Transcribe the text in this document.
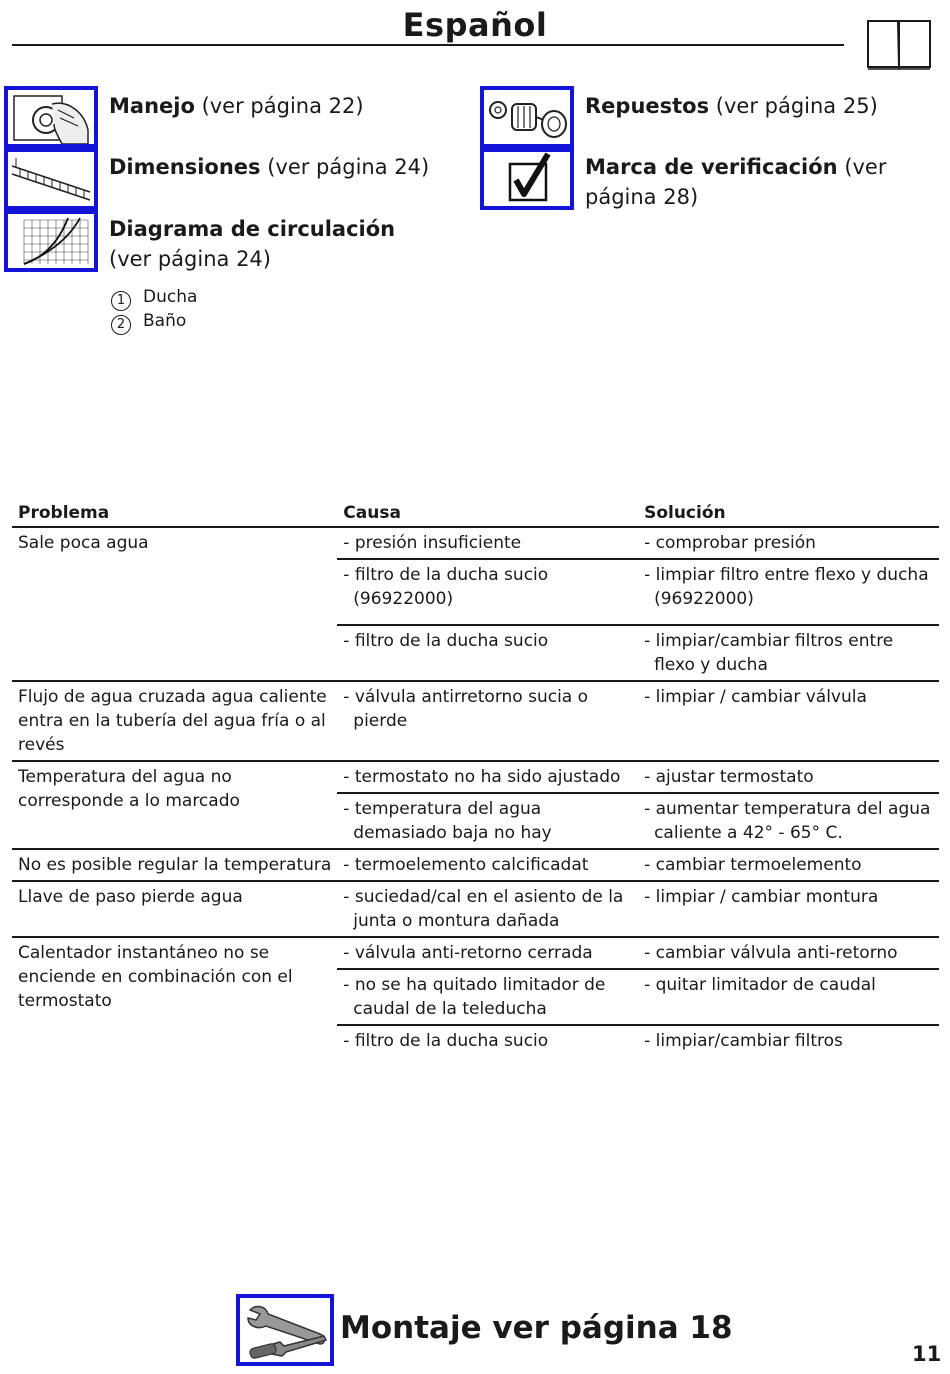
Español
Manejo (ver página 22)
Dimensiones (ver página 24)
Diagrama de circulación
(ver página 24)
1 Ducha
2 Baño
Repuestos (ver página 25)
Marca de verificación (ver
página 28)
Problema	Causa	Solución
Sale poca agua	- presión insuficiente	- comprobar presión

	- filtro de la ducha sucio (96922000)	- limpiar filtro entre flexo y ducha (96922000)

	- filtro de la ducha sucio	- limpiar/cambiar filtros entre flexo y ducha

Flujo de agua cruzada agua caliente entra en la tubería del agua fría o al revés	- válvula antirretorno sucia o pierde	- limpiar / cambiar válvula

Temperatura del agua no corresponde a lo marcado	- termostato no ha sido ajustado	- ajustar termostato

	- temperatura del agua demasiado baja no hay	- aumentar temperatura del agua caliente a 42° - 65° C.

No es posible regular la temperatura	- termoelemento calcificadat	- cambiar termoelemento

Llave de paso pierde agua	- suciedad/cal en el asiento de la junta o montura dañada	- limpiar / cambiar montura

Calentador instantáneo no se enciende en combinación con el termostato	- válvula anti-retorno cerrada	- cambiar válvula anti-retorno

	- no se ha quitado limitador de caudal de la teleducha	- quitar limitador de caudal

	- filtro de la ducha sucio	- limpiar/cambiar filtros
Montaje ver página 18
11
